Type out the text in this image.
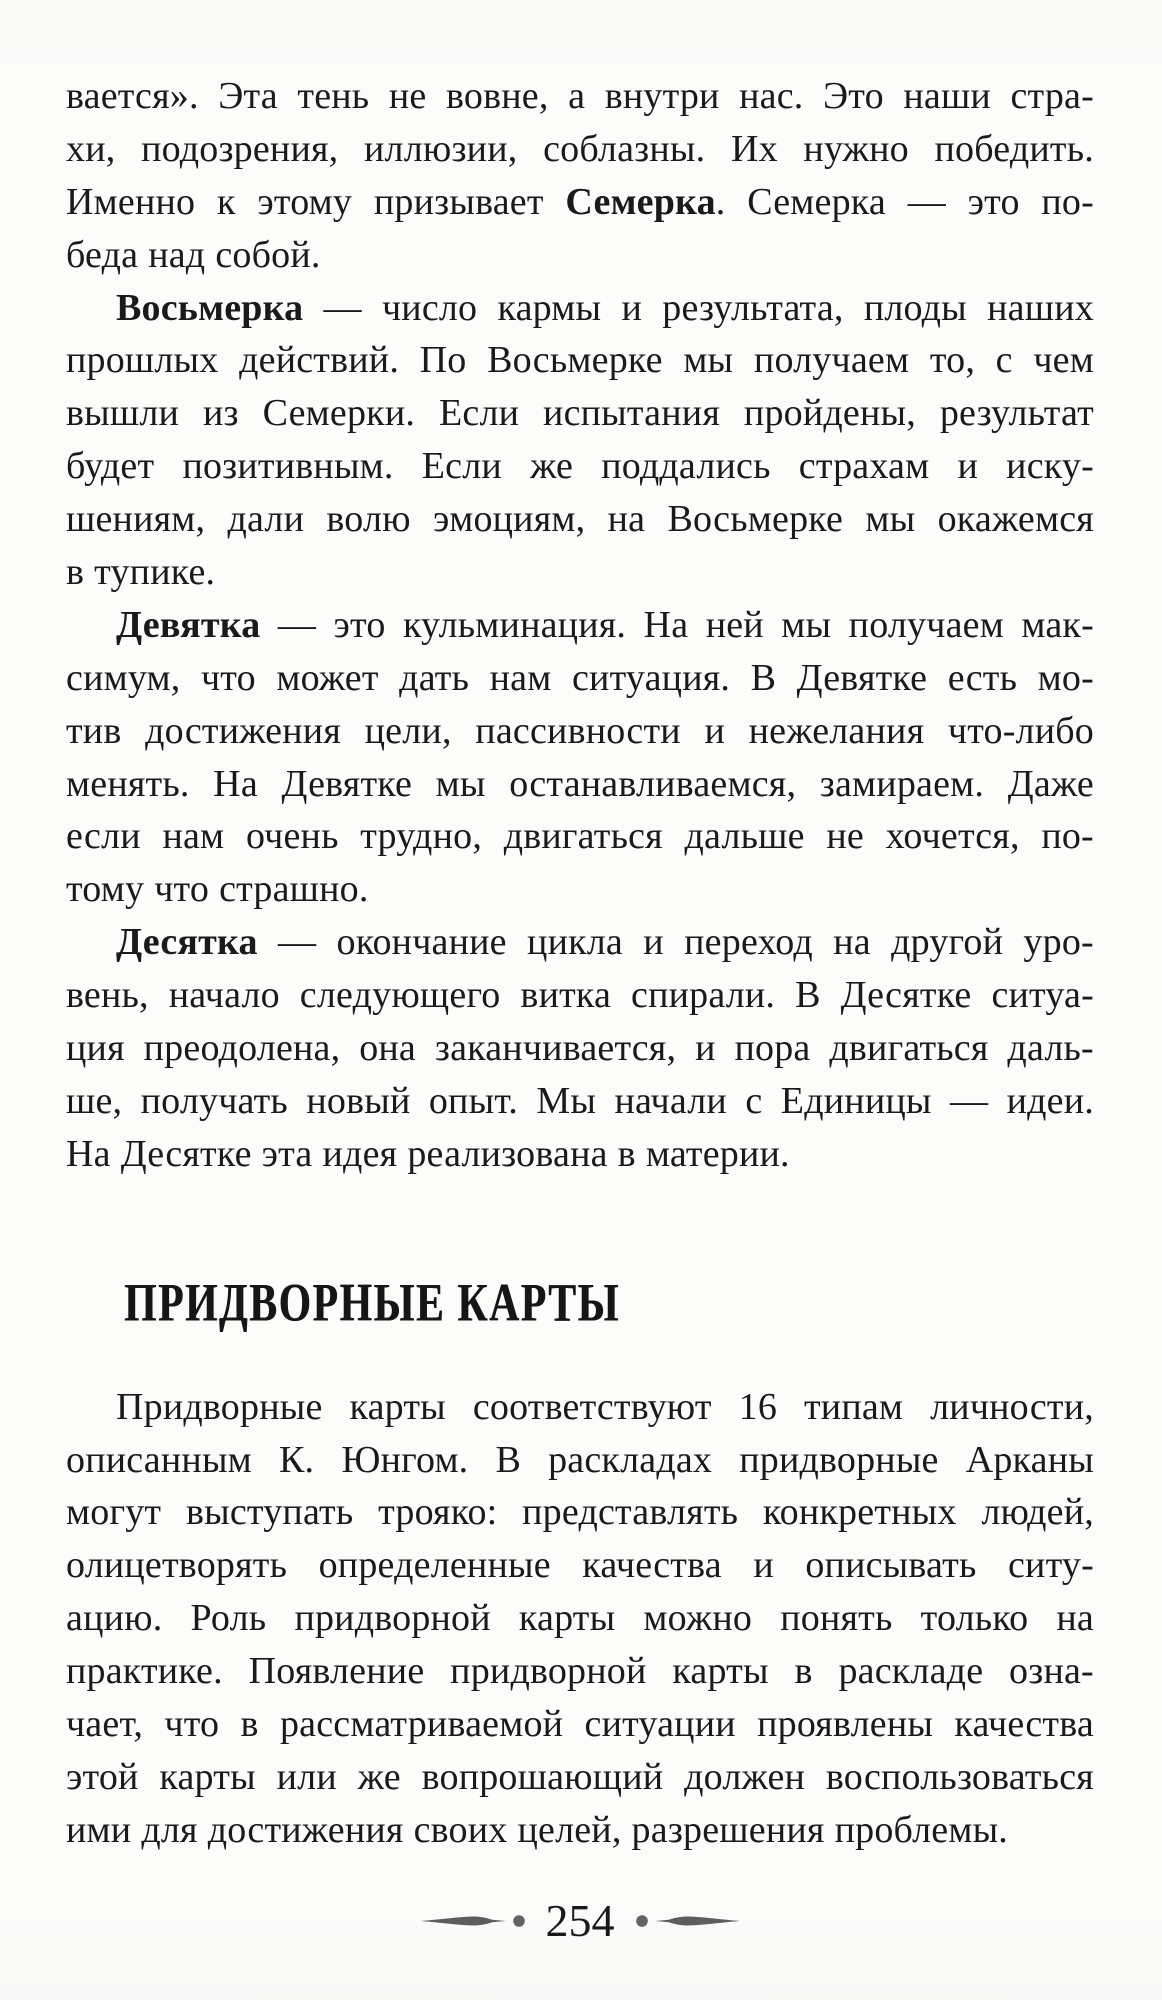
вается». Эта тень не вовне, а внутри нас. Это наши стра-
хи, подозрения, иллюзии, соблазны. Их нужно победить.
Именно к этому призывает Семерка. Семерка — это по-
беда над собой.
Восьмерка — число кармы и результата, плоды наших
прошлых действий. По Восьмерке мы получаем то, с чем
вышли из Семерки. Если испытания пройдены, результат
будет позитивным. Если же поддались страхам и иску-
шениям, дали волю эмоциям, на Восьмерке мы окажемся
в тупике.
Девятка — это кульминация. На ней мы получаем мак-
симум, что может дать нам ситуация. В Девятке есть мо-
тив достижения цели, пассивности и нежелания что-либо
менять. На Девятке мы останавливаемся, замираем. Даже
если нам очень трудно, двигаться дальше не хочется, по-
тому что страшно.
Десятка — окончание цикла и переход на другой уро-
вень, начало следующего витка спирали. В Десятке ситуа-
ция преодолена, она заканчивается, и пора двигаться даль-
ше, получать новый опыт. Мы начали с Единицы — идеи.
На Десятке эта идея реализована в материи.
ПРИДВОРНЫЕ КАРТЫ
Придворные карты соответствуют 16 типам личности,
описанным К. Юнгом. В раскладах придворные Арканы
могут выступать трояко: представлять конкретных людей,
олицетворять определенные качества и описывать ситу-
ацию. Роль придворной карты можно понять только на
практике. Появление придворной карты в раскладе озна-
чает, что в рассматриваемой ситуации проявлены качества
этой карты или же вопрошающий должен воспользоваться
ими для достижения своих целей, разрешения проблемы.
254
